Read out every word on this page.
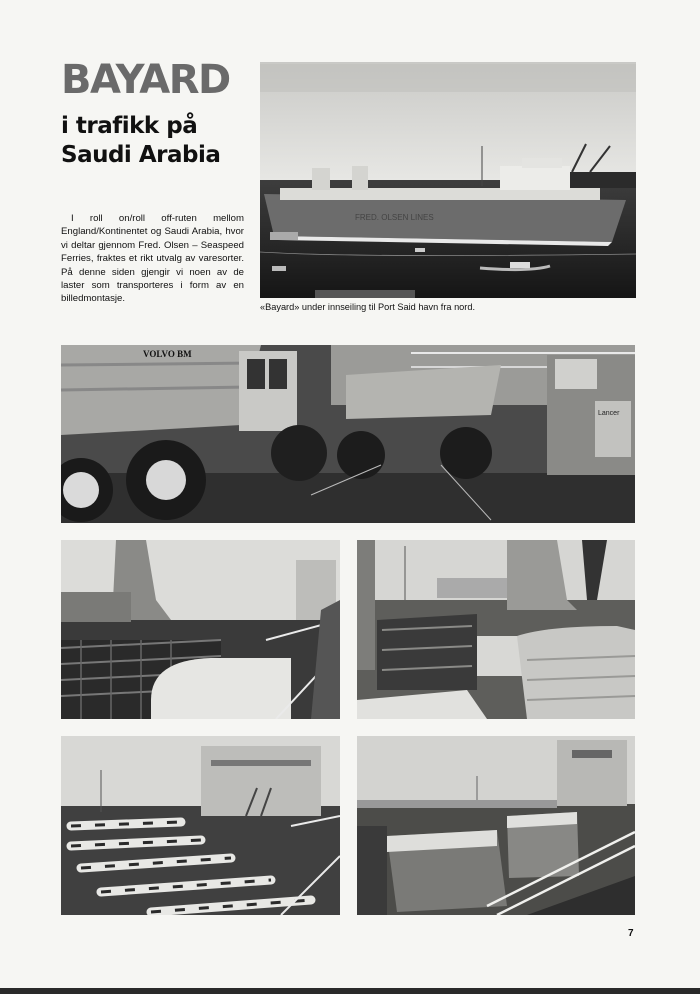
BAYARD
i trafikk på
Saudi Arabia

I roll on/roll off-ruten mellom England/Kontinentet og Saudi Arabia, hvor vi deltar gjennom Fred. Olsen – Seaspeed Ferries, fraktes et rikt utvalg av varesorter. På denne siden gjengir vi noen av de laster som transporteres i form av en billedmontasje.

FRED. OLSEN LINES

«Bayard» under innseiling til Port Said havn fra nord.

VOLVO BM
Lancer

7
